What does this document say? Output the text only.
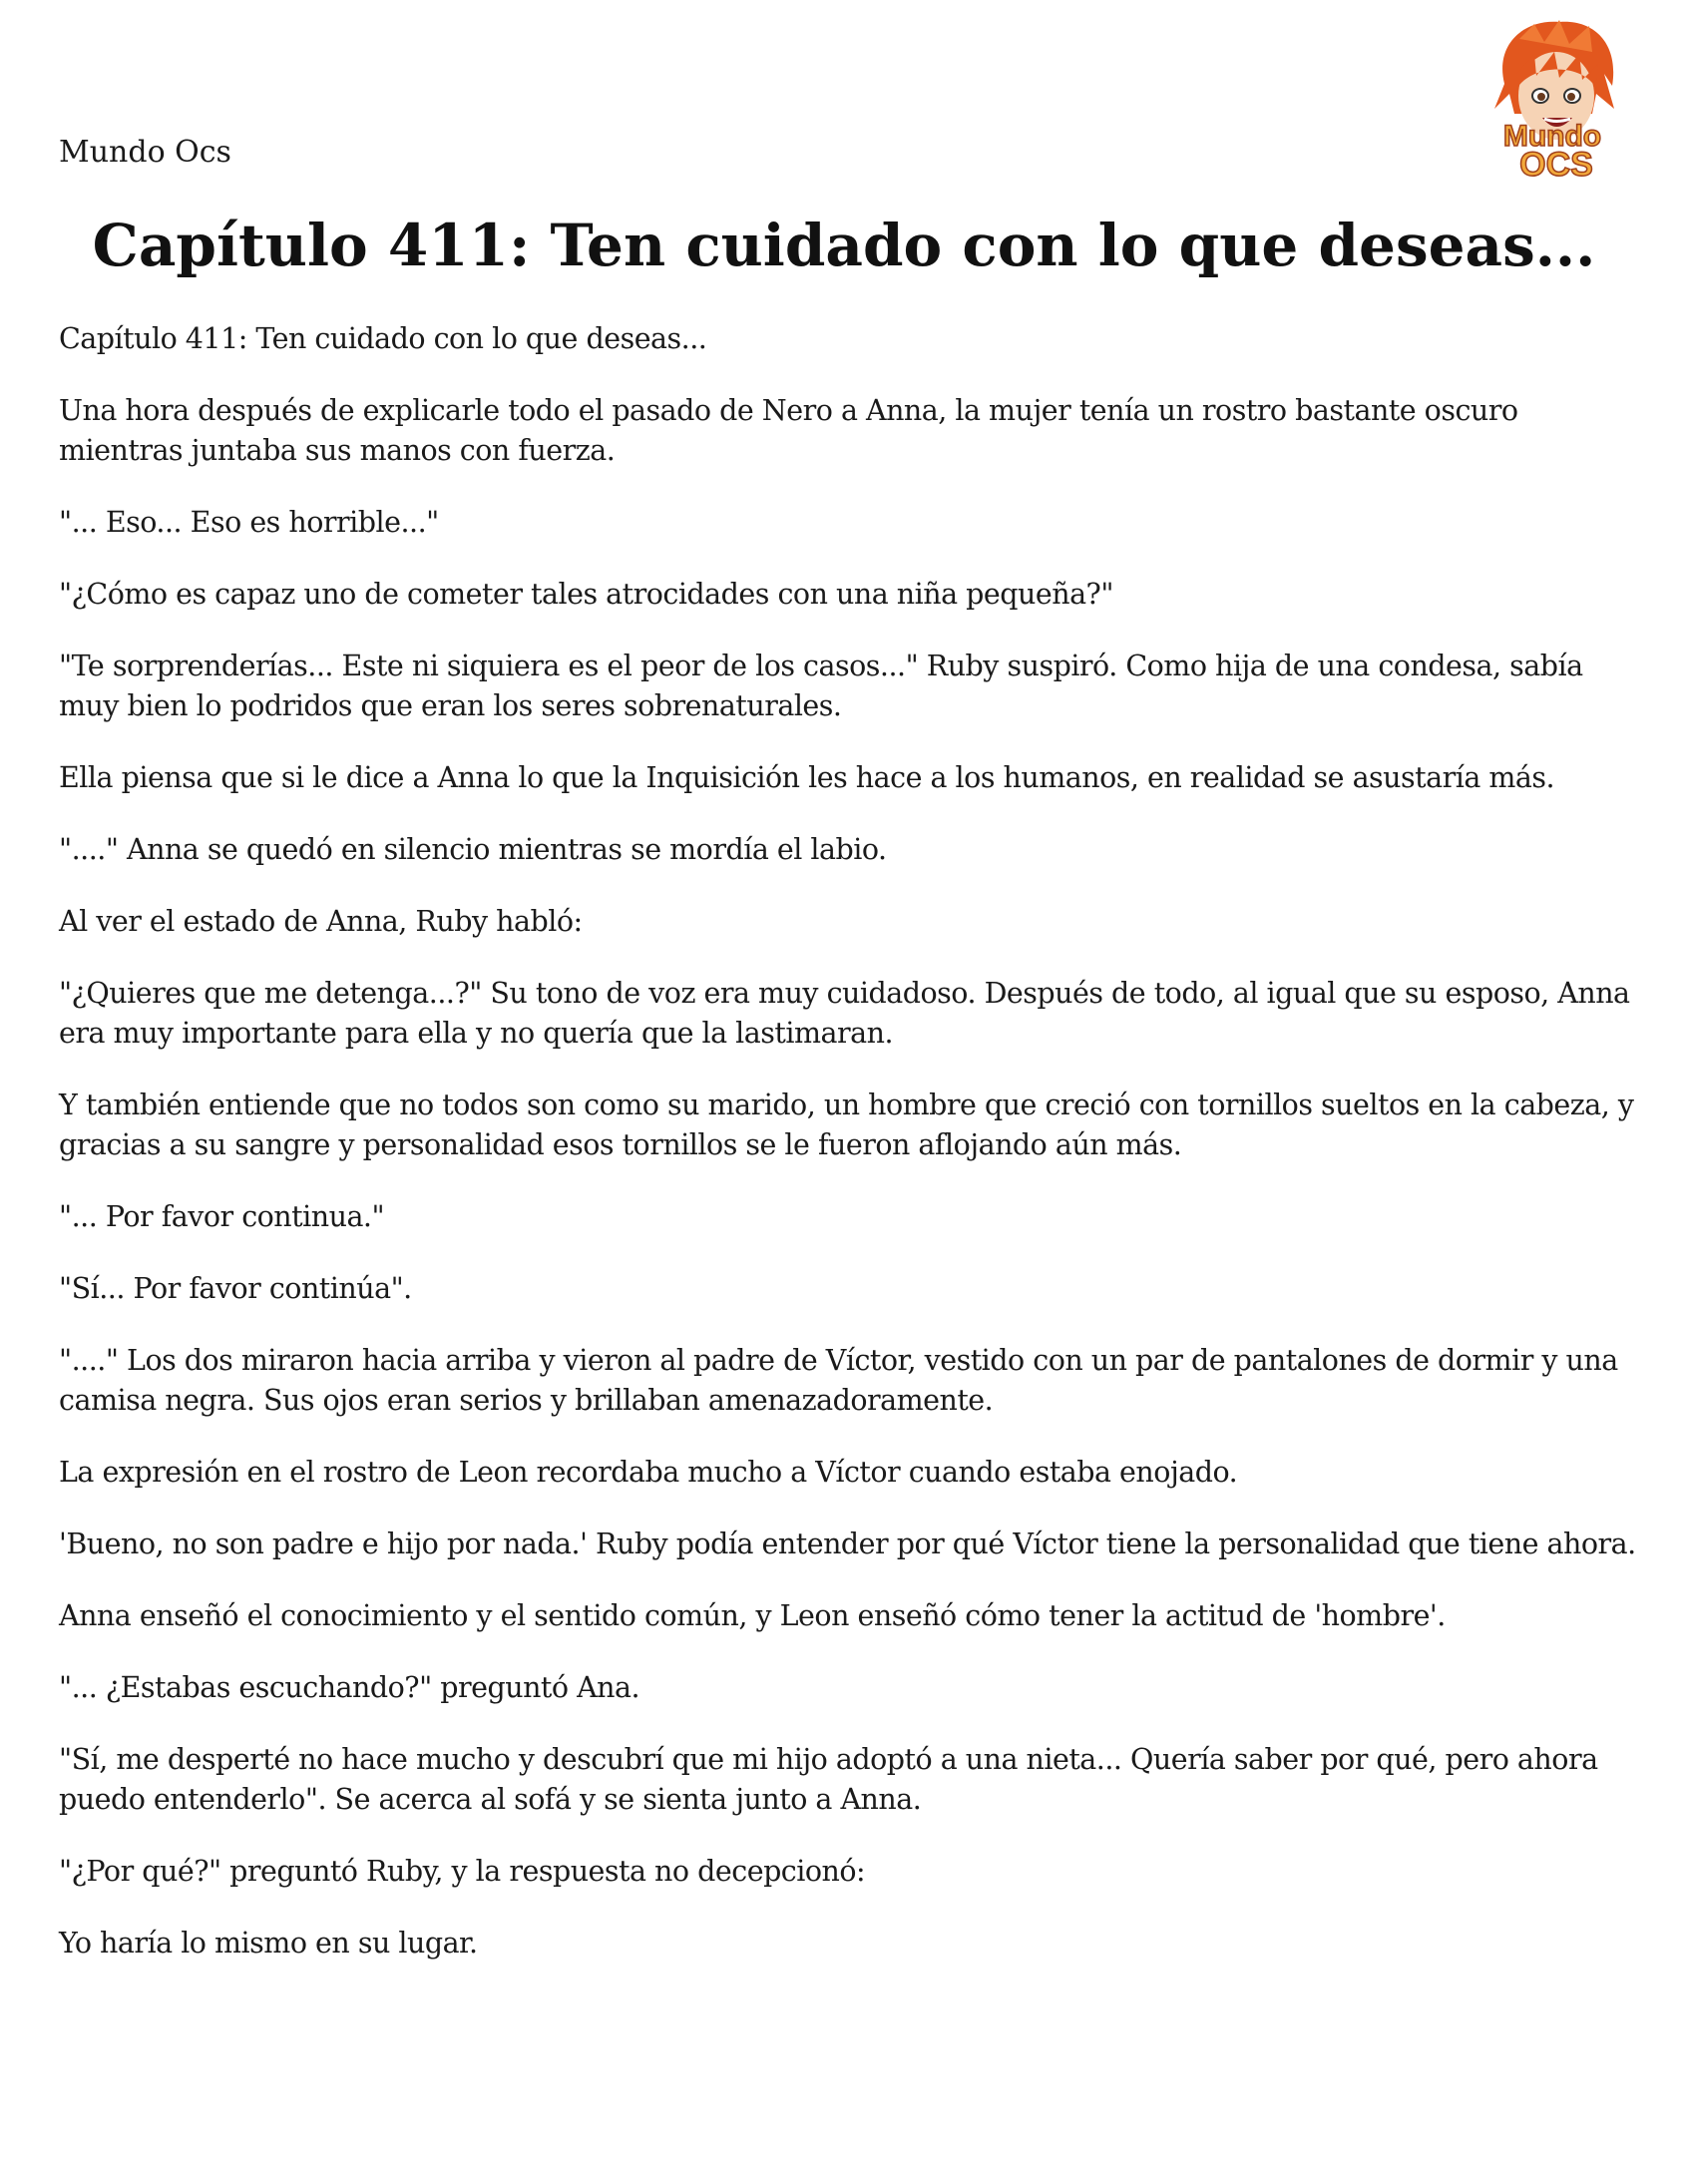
Mundo Ocs	Mundo
OCS
Capítulo 411: Ten cuidado con lo que deseas...

Capítulo 411: Ten cuidado con lo que deseas...

Una hora después de explicarle todo el pasado de Nero a Anna, la mujer tenía un rostro bastante oscuro mientras juntaba sus manos con fuerza.

"... Eso... Eso es horrible..."

"¿Cómo es capaz uno de cometer tales atrocidades con una niña pequeña?"

"Te sorprenderías... Este ni siquiera es el peor de los casos..." Ruby suspiró. Como hija de una condesa, sabía muy bien lo podridos que eran los seres sobrenaturales.

Ella piensa que si le dice a Anna lo que la Inquisición les hace a los humanos, en realidad se asustaría más.

"...." Anna se quedó en silencio mientras se mordía el labio.

Al ver el estado de Anna, Ruby habló:

"¿Quieres que me detenga...?" Su tono de voz era muy cuidadoso. Después de todo, al igual que su esposo, Anna era muy importante para ella y no quería que la lastimaran.

Y también entiende que no todos son como su marido, un hombre que creció con tornillos sueltos en la cabeza, y gracias a su sangre y personalidad esos tornillos se le fueron aflojando aún más.

"... Por favor continua."

"Sí... Por favor continúa".

"...." Los dos miraron hacia arriba y vieron al padre de Víctor, vestido con un par de pantalones de dormir y una camisa negra. Sus ojos eran serios y brillaban amenazadoramente.

La expresión en el rostro de Leon recordaba mucho a Víctor cuando estaba enojado.

'Bueno, no son padre e hijo por nada.' Ruby podía entender por qué Víctor tiene la personalidad que tiene ahora.

Anna enseñó el conocimiento y el sentido común, y Leon enseñó cómo tener la actitud de 'hombre'.

"... ¿Estabas escuchando?" preguntó Ana.

"Sí, me desperté no hace mucho y descubrí que mi hijo adoptó a una nieta... Quería saber por qué, pero ahora puedo entenderlo". Se acerca al sofá y se sienta junto a Anna.

"¿Por qué?" preguntó Ruby, y la respuesta no decepcionó:

Yo haría lo mismo en su lugar.
